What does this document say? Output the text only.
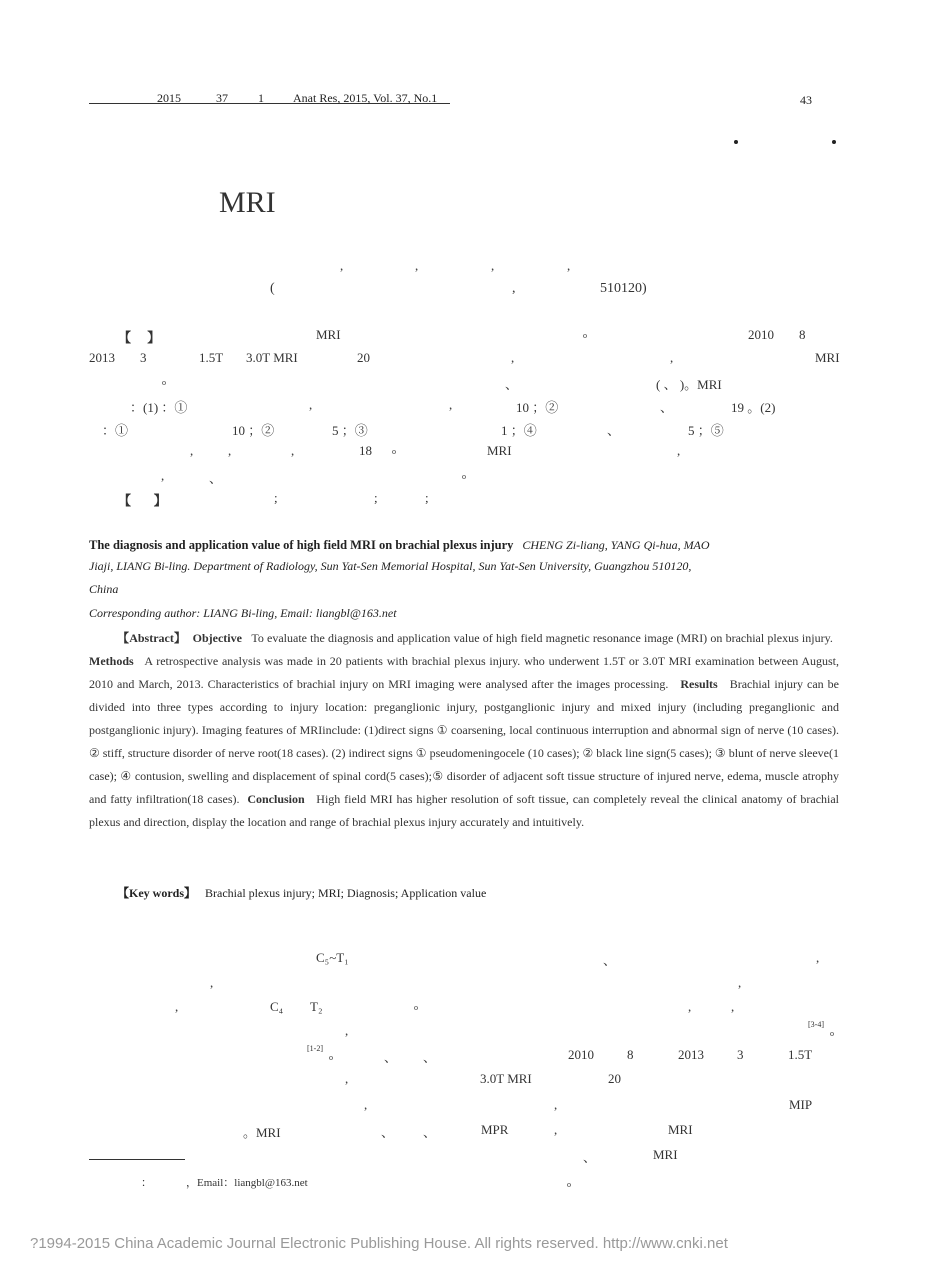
2015	37	1 Anat Res, 2015, Vol. 37, No.1	43
MRI
,	,	,	,
(	,	510120)
【     】	MRI	o	2010 8
2013 3	1.5T 3.0T MRI	20	,	,	MRI
o	、	( 、 )。MRI
：(1) ：①	,	,	10 ；②	、	19 。(2)
：①	10 ；②	5 ；③	1 ；④	、	5 ；⑤
,	,	,	18	o	MRI	,
,	、	o
【       】	;	;	;
The diagnosis and application value of high field MRI on brachial plexus injury CHENG Zi-liang, YANG Qi-hua, MAO
Jiaji, LIANG Bi-ling. Department of Radiology, Sun Yat-Sen Memorial Hospital, Sun Yat-Sen University, Guangzhou 510120,
China
Corresponding author: LIANG Bi-ling, Email: liangbl@163.net
【Abstract】 Objective To evaluate the diagnosis and application value of high field magnetic resonance image (MRI) on brachial plexus injury.   Methods A retrospective analysis was made in 20 patients with brachial plexus injury. who underwent 1.5T or 3.0T MRI examination between August, 2010 and March, 2013. Characteristics of brachial injury on MRI imaging were analysed after the images processing. Results Brachial injury can be divided into three types according to injury location: preganglionic injury, postganglionic injury and mixed injury (including preganglionic and postganglionic injury). Imaging features of MRIinclude: (1)direct signs ① coarsening, local continuous interruption and abnormal sign of nerve (10 cases). ② stiff, structure disorder of nerve root(18 cases). (2) indirect signs ① pseudomeningocele (10 cases); ② black line sign(5 cases); ③ blunt of nerve sleeve(1 case); ④ contusion, swelling and displacement of spinal cord(5 cases);⑤ disorder of adjacent soft tissue structure of injured nerve, edema, muscle atrophy and fatty infiltration(18 cases). Conclusion High field MRI has higher resolution of soft tissue, can completely reveal the clinical anatomy of brachial plexus and direction, display the location and range of brachial plexus injury accurately and intuitively.
【Key words】 Brachial plexus injury; MRI; Diagnosis; Application value
C₅~T₁	、	,
,	,
,	C₄ T₂	o	,	,
,	[3-4]
o
[1-2]
o	、 、	2010	8	2013	3	1.5T
,	3.0T MRI	20
,	,	MIP
。MRI	、 、	MPR	,	MRI
、	MRI
：	，Email：liangbl@163.net	o
?1994-2015 China Academic Journal Electronic Publishing House. All rights reserved. http://www.cnki.net
